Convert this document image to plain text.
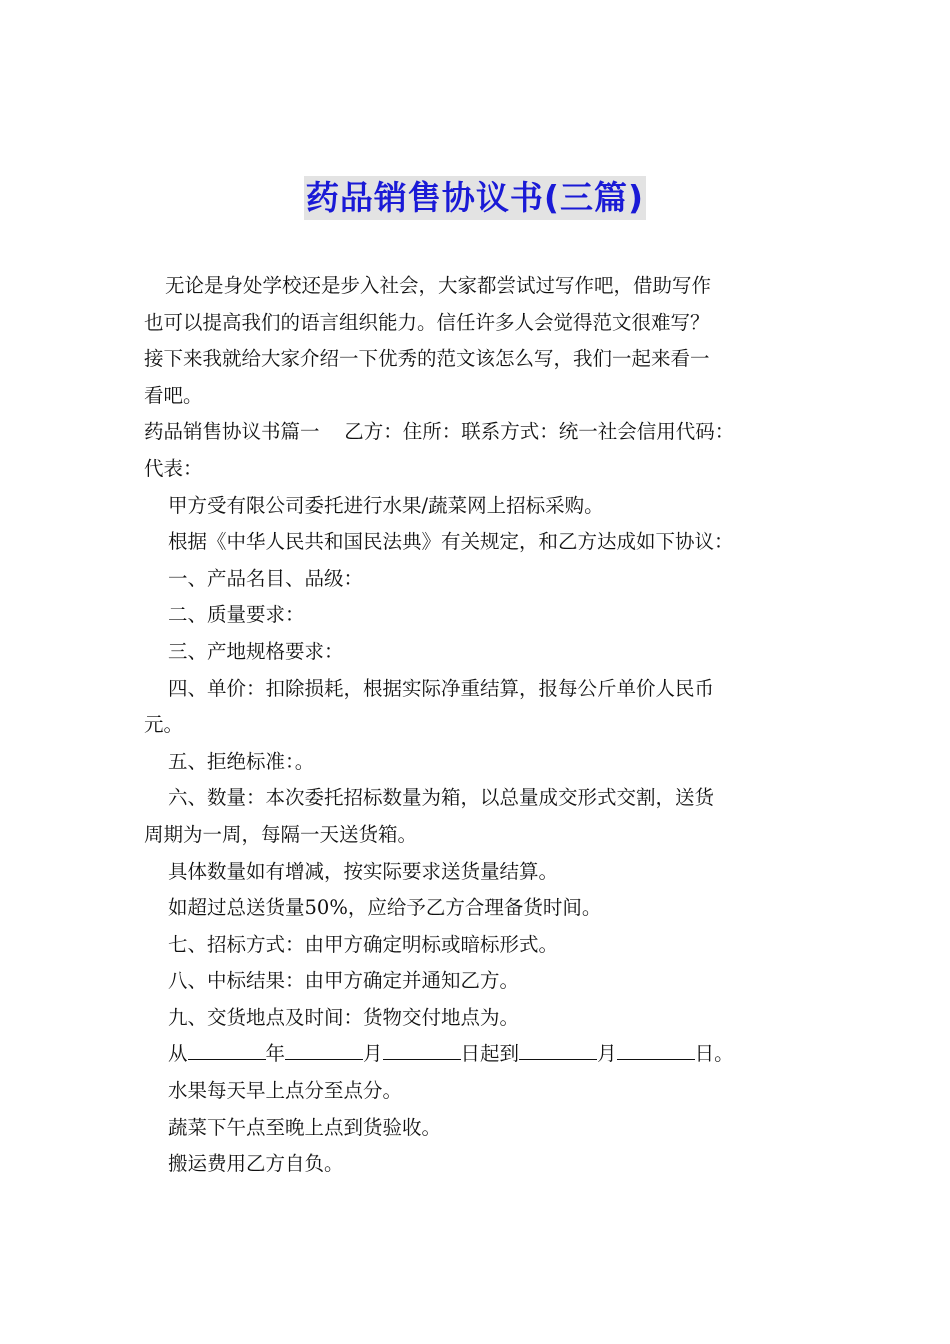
药品销售协议书(三篇)

无论是身处学校还是步入社会，大家都尝试过写作吧，借助写作

也可以提高我们的语言组织能力。信任许多人会觉得范文很难写？

接下来我就给大家介绍一下优秀的范文该怎么写，我们一起来看一

看吧。

药品销售协议书篇一    乙方：住所：联系方式：统一社会信用代码：

代表：

甲方受有限公司委托进行水果/蔬菜网上招标采购。

根据《中华人民共和国民法典》有关规定，和乙方达成如下协议：

一、产品名目、品级：

二、质量要求：

三、产地规格要求：

四、单价：扣除损耗，根据实际净重结算，报每公斤单价人民币

元。

五、拒绝标准：。

六、数量：本次委托招标数量为箱，以总量成交形式交割，送货

周期为一周，每隔一天送货箱。

具体数量如有增减，按实际要求送货量结算。

如超过总送货量50%，应给予乙方合理备货时间。

七、招标方式：由甲方确定明标或暗标形式。

八、中标结果：由甲方确定并通知乙方。

九、交货地点及时间：货物交付地点为。

从	年	月	日起到	月	日。

水果每天早上点分至点分。

蔬菜下午点至晚上点到货验收。

搬运费用乙方自负。
